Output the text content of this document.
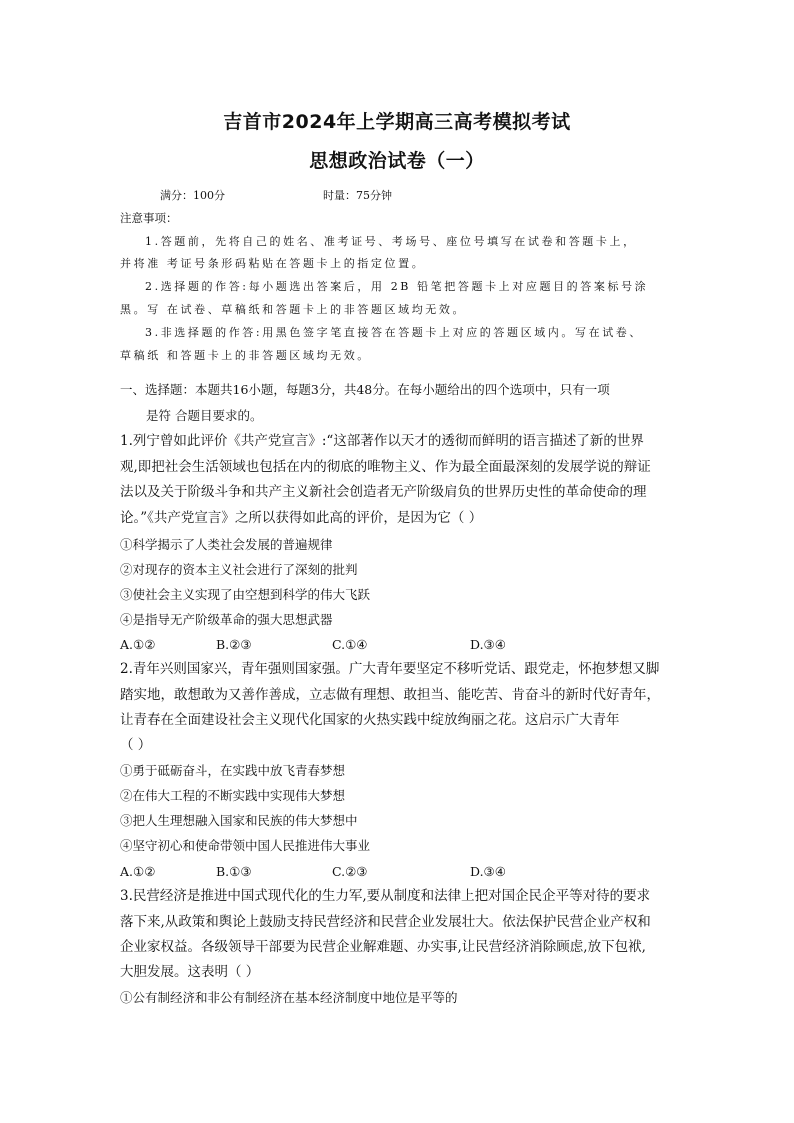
吉首市2024年上学期高三高考模拟考试
思想政治试卷（一）
满分：100分	时量：75分钟
注意事项：

1.答题前，先将自己的姓名、准考证号、考场号、座位号填写在试卷和答题卡上，

并将准 考证号条形码粘贴在答题卡上的指定位置。

2.选择题的作答:每小题选出答案后，用 2B 铅笔把答题卡上对应题目的答案标号涂

黑。写 在试卷、草稿纸和答题卡上的非答题区域均无效。

3.非选择题的作答:用黑色签字笔直接答在答题卡上对应的答题区域内。写在试卷、

草稿纸 和答题卡上的非答题区域均无效。

一、选择题：本题共16小题，每题3分，共48分。在每小题给出的四个选项中，只有一项
是符 合题目要求的。
1.列宁曾如此评价《共产党宣言》:“这部著作以天才的透彻而鲜明的语言描述了新的世界
观,即把社会生活领域也包括在内的彻底的唯物主义、作为最全面最深刻的发展学说的辩证
法以及关于阶级斗争和共产主义新社会创造者无产阶级肩负的世界历史性的革命使命的理
论。”《共产党宣言》之所以获得如此高的评价，是因为它（ ）
①科学揭示了人类社会发展的普遍规律
②对现存的资本主义社会进行了深刻的批判
③使社会主义实现了由空想到科学的伟大飞跃
④是指导无产阶级革命的强大思想武器
A.①②	B.②③	C.①④	D.③④
2.青年兴则国家兴，青年强则国家强。广大青年要坚定不移听党话、跟党走，怀抱梦想又脚
踏实地，敢想敢为又善作善成，立志做有理想、敢担当、能吃苦、肯奋斗的新时代好青年，
让青春在全面建设社会主义现代化国家的火热实践中绽放绚丽之花。这启示广大青年
（ ）
①勇于砥砺奋斗，在实践中放飞青春梦想
②在伟大工程的不断实践中实现伟大梦想
③把人生理想融入国家和民族的伟大梦想中
④坚守初心和使命带领中国人民推进伟大事业
A.①②	B.①③	C.②③	D.③④
3.民营经济是推进中国式现代化的生力军,要从制度和法律上把对国企民企平等对待的要求
落下来,从政策和舆论上鼓励支持民营经济和民营企业发展壮大。依法保护民营企业产权和
企业家权益。各级领导干部要为民营企业解难题、办实事,让民营经济消除顾虑,放下包袱,
大胆发展。这表明（ ）
①公有制经济和非公有制经济在基本经济制度中地位是平等的
